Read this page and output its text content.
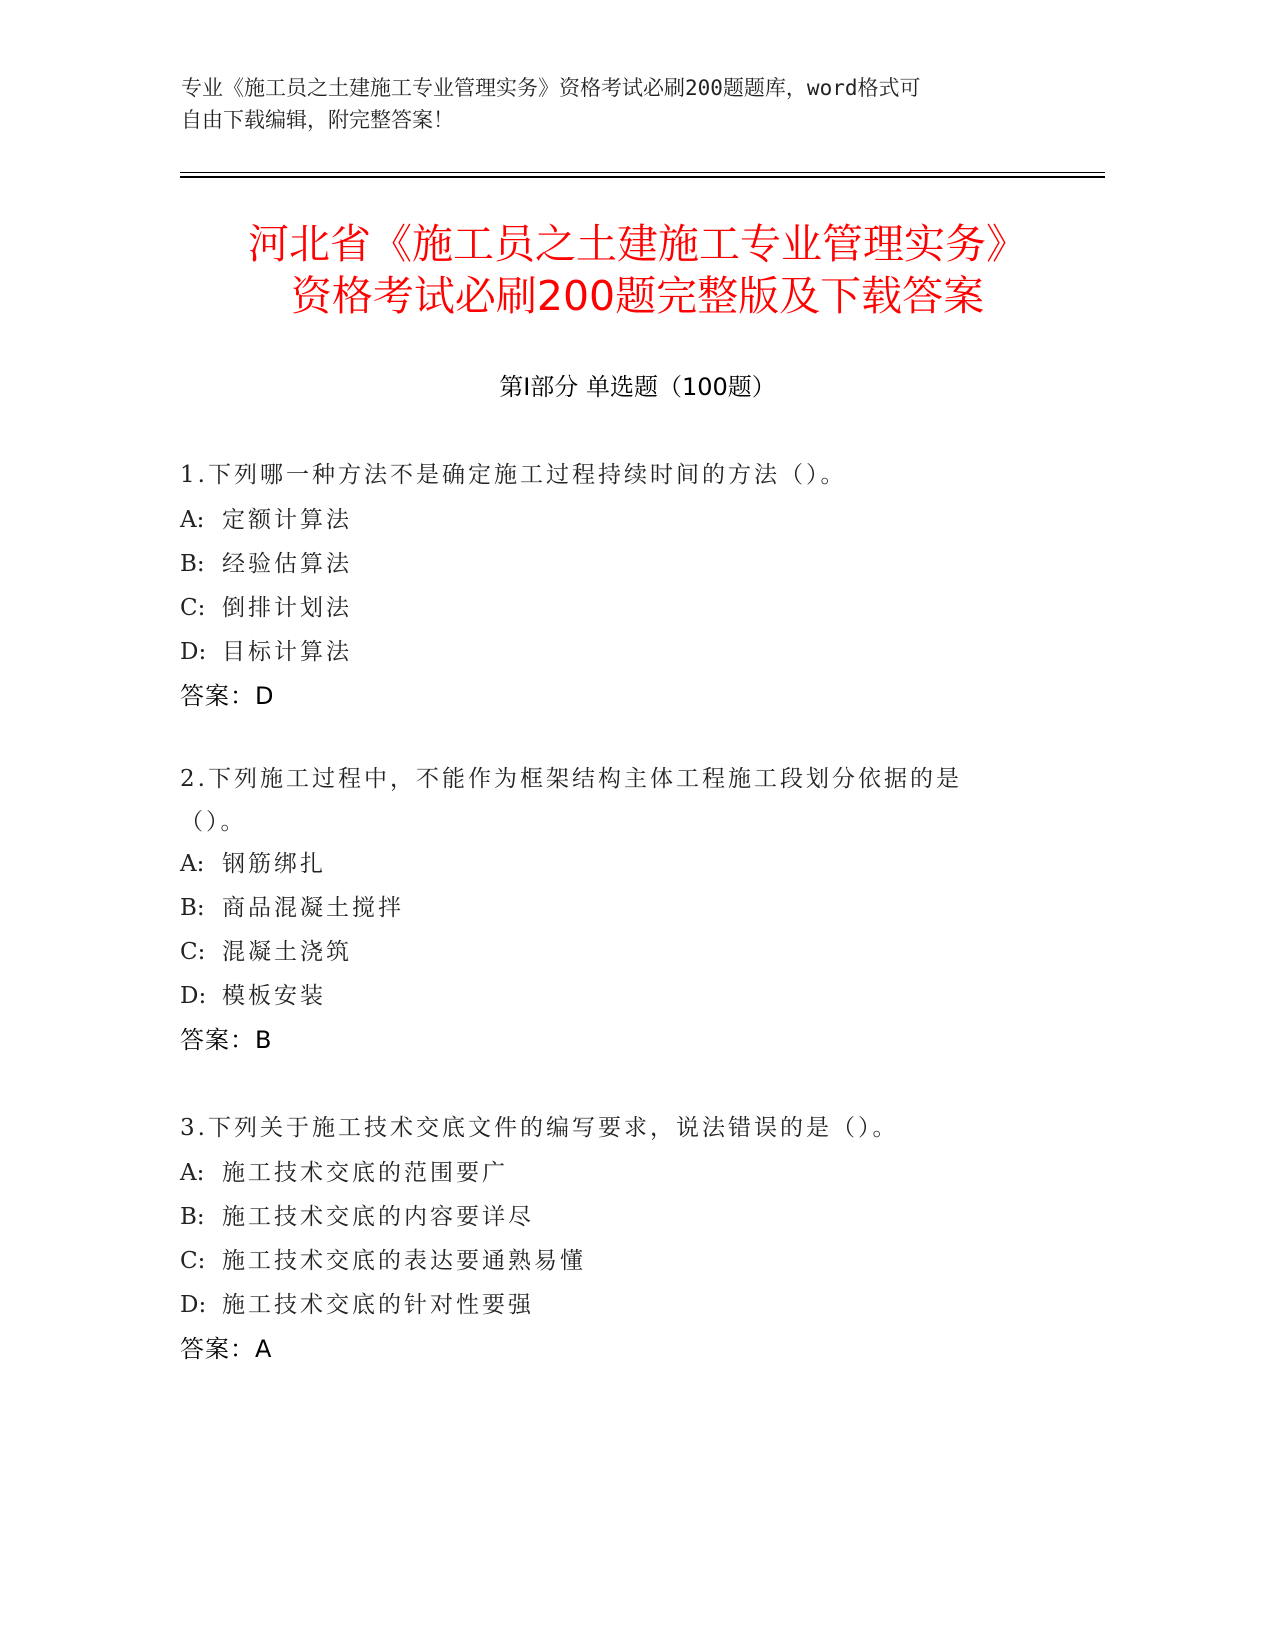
专业《施工员之土建施工专业管理实务》资格考试必刷200题题库，word格式可
自由下载编辑，附完整答案！
河北省《施工员之土建施工专业管理实务》
资格考试必刷200题完整版及下载答案
第Ⅰ部分 单选题（100题）
1.下列哪一种方法不是确定施工过程持续时间的方法（）。
A: 定额计算法
B: 经验估算法
C: 倒排计划法
D: 目标计算法
答案：D
2.下列施工过程中，不能作为框架结构主体工程施工段划分依据的是
（）。
A: 钢筋绑扎
B: 商品混凝土搅拌
C: 混凝土浇筑
D: 模板安装
答案：B
3.下列关于施工技术交底文件的编写要求，说法错误的是（）。
A: 施工技术交底的范围要广
B: 施工技术交底的内容要详尽
C: 施工技术交底的表达要通熟易懂
D: 施工技术交底的针对性要强
答案：A
